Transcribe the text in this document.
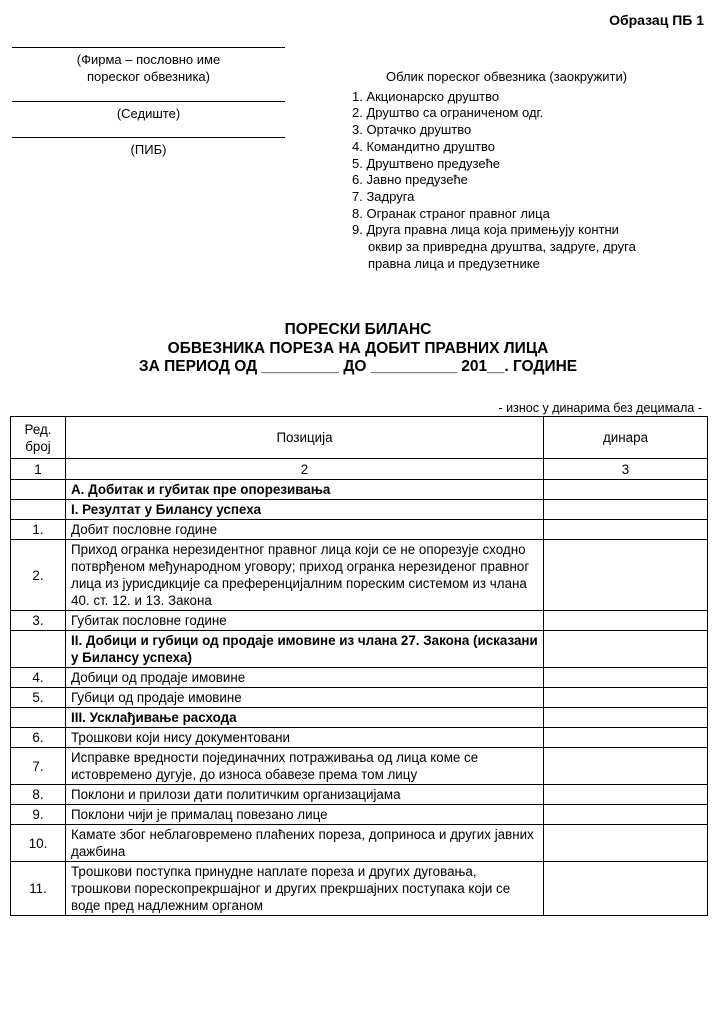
Образац ПБ 1
(Фирма – пословно име
пореског обвезника)
(Седиште)
(ПИБ)
Облик пореског обвезника (заокружити)
1. Акционарско друштво
2. Друштво са ограниченом одг.
3. Ортачко друштво
4. Командитно друштво
5. Друштвено предузеће
6. Јавно предузеће
7. Задруга
8. Огранак страног правног лица
9. Друга правна лица која примењују контни
оквир за привредна друштва, задруге, друга
правна лица и предузетнике
ПОРЕСКИ БИЛАНС
ОБВЕЗНИКА ПОРЕЗА НА ДОБИТ ПРАВНИХ ЛИЦА
ЗА ПЕРИОД ОД _________ ДО __________ 201__. ГОДИНЕ
- износ у динарима без децимала -
Ред. број	Позиција	динара
1	2	3
	А. Добитак и губитак пре опорезивања	
	I. Резултат у Билансу успеха	
1.	Добит пословне године	
2.	Приход огранка нерезидентног правног лица који се не опорезује сходно потврђеном међународном уговору; приход огранка нерезиденог правног лица из јурисдикције са преференцијалним пореским системом из члана 40. ст. 12. и 13. Закона	
3.	Губитак пословне године	
	II. Добици и губици од продаје имовине из члана 27. Закона (исказани у Билансу успеха)	
4.	Добици од продаје имовине	
5.	Губици од продаје имовине	
	III. Усклађивање расхода	
6.	Трошкови који нису документовани	
7.	Исправке вредности појединачних потраживања од лица коме се истовремено дугује, до износа обавезе према том лицу	
8.	Поклони и прилози дати политичким организацијама	
9.	Поклони чији је прималац повезано лице	
10.	Камате због неблаговремено плаћених пореза, доприноса и других јавних дажбина	
11.	Трошкови поступка принудне наплате пореза и других дуговања, трошкови порескопрекршајног и других прекршајних поступака који се воде пред надлежним органом	
